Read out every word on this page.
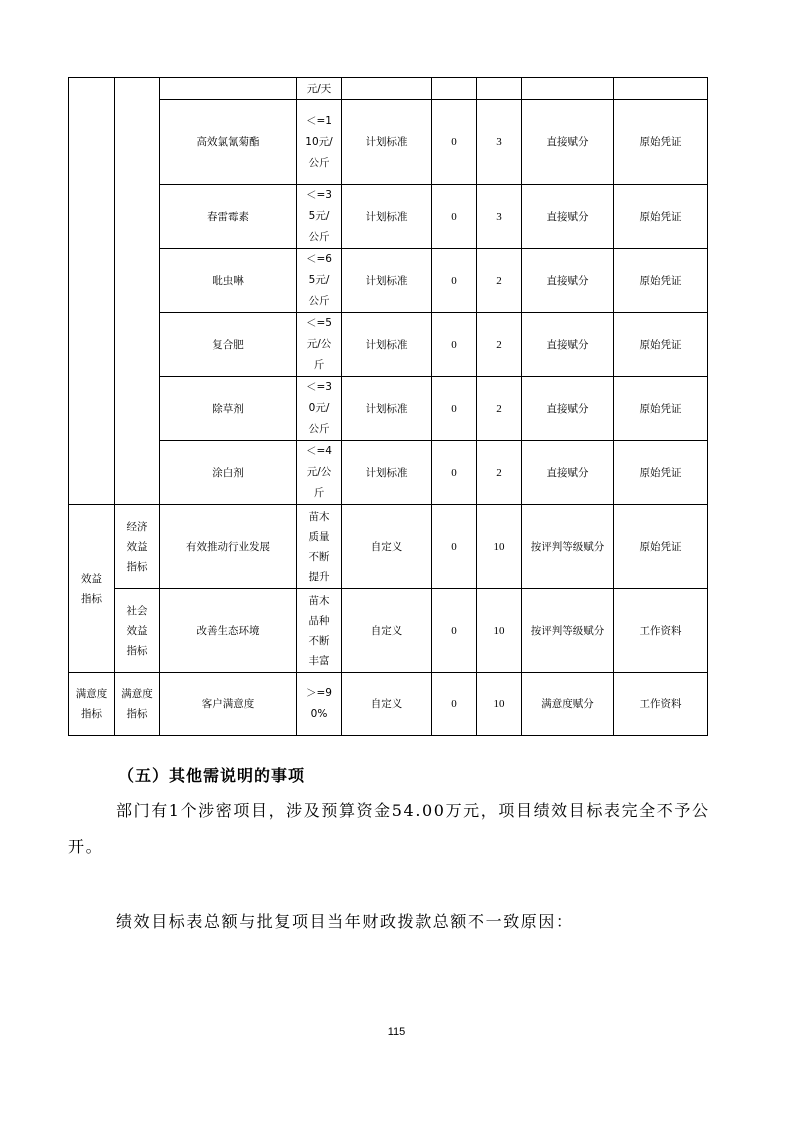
			元/天					
		高效氯氰菊酯	＜=110元/公斤	计划标准	0	3	直接赋分	原始凭证
		春雷霉素	＜=35元/公斤	计划标准	0	3	直接赋分	原始凭证
		吡虫啉	＜=65元/公斤	计划标准	0	2	直接赋分	原始凭证
		复合肥	＜=5元/公斤	计划标准	0	2	直接赋分	原始凭证
		除草剂	＜=30元/公斤	计划标准	0	2	直接赋分	原始凭证
		涂白剂	＜=4元/公斤	计划标准	0	2	直接赋分	原始凭证
效益指标	经济效益指标	有效推动行业发展	苗木质量不断提升	自定义	0	10	按评判等级赋分	原始凭证
	社会效益指标	改善生态环境	苗木品种不断丰富	自定义	0	10	按评判等级赋分	工作资料
满意度指标	满意度指标	客户满意度	＞=90%	自定义	0	10	满意度赋分	工作资料
（五）其他需说明的事项
部门有1个涉密项目，涉及预算资金54.00万元，项目绩效目标表完全不予公开。
绩效目标表总额与批复项目当年财政拨款总额不一致原因：
115
